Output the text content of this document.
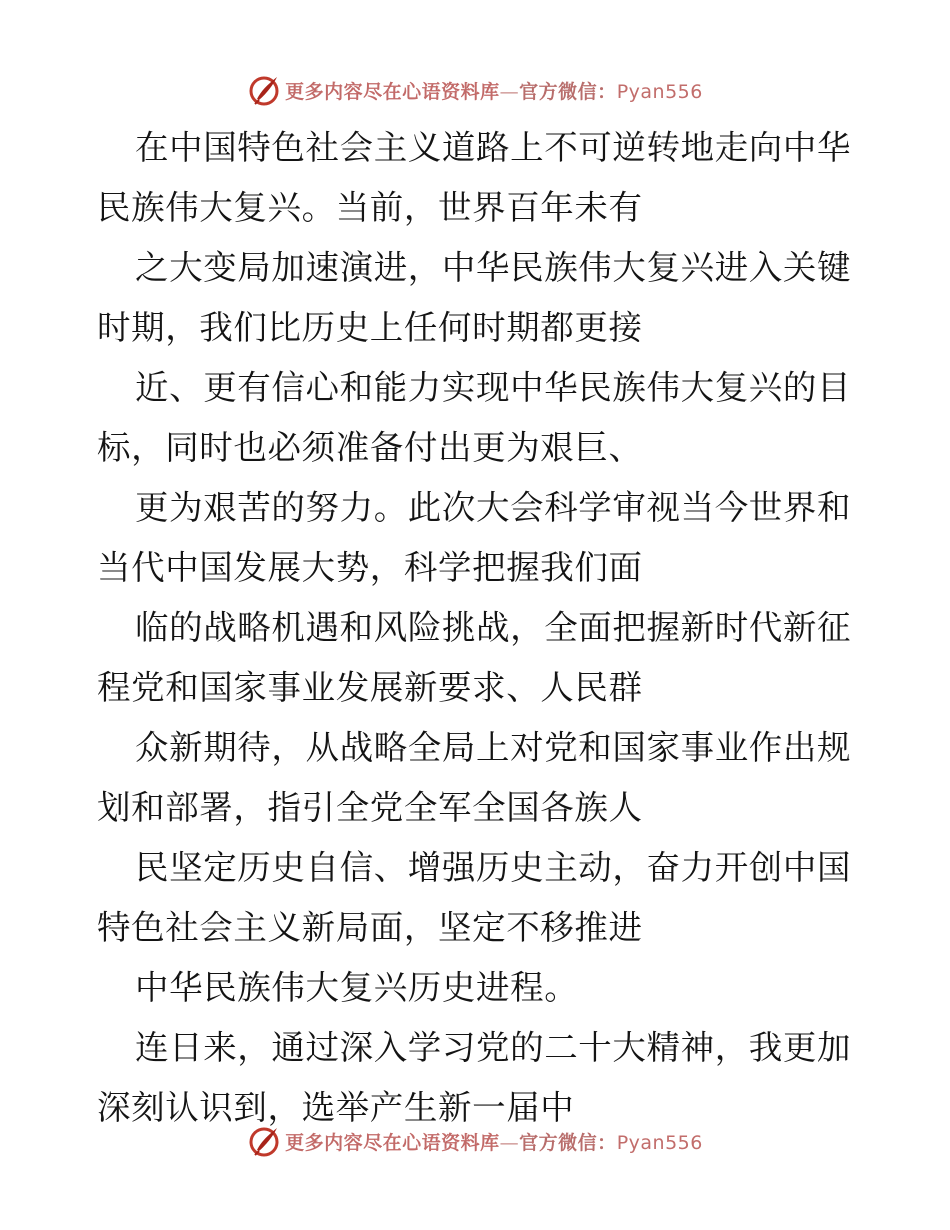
更多内容尽在心语资料库—官方微信：Pyan556
在中国特色社会主义道路上不可逆转地走向中华
民族伟大复兴。当前，世界百年未有
之大变局加速演进，中华民族伟大复兴进入关键
时期，我们比历史上任何时期都更接
近、更有信心和能力实现中华民族伟大复兴的目
标，同时也必须准备付出更为艰巨、
更为艰苦的努力。此次大会科学审视当今世界和
当代中国发展大势，科学把握我们面
临的战略机遇和风险挑战，全面把握新时代新征
程党和国家事业发展新要求、人民群
众新期待，从战略全局上对党和国家事业作出规
划和部署，指引全党全军全国各族人
民坚定历史自信、增强历史主动，奋力开创中国
特色社会主义新局面，坚定不移推进
中华民族伟大复兴历史进程。
连日来，通过深入学习党的二十大精神，我更加
深刻认识到，选举产生新一届中
更多内容尽在心语资料库—官方微信：Pyan556
